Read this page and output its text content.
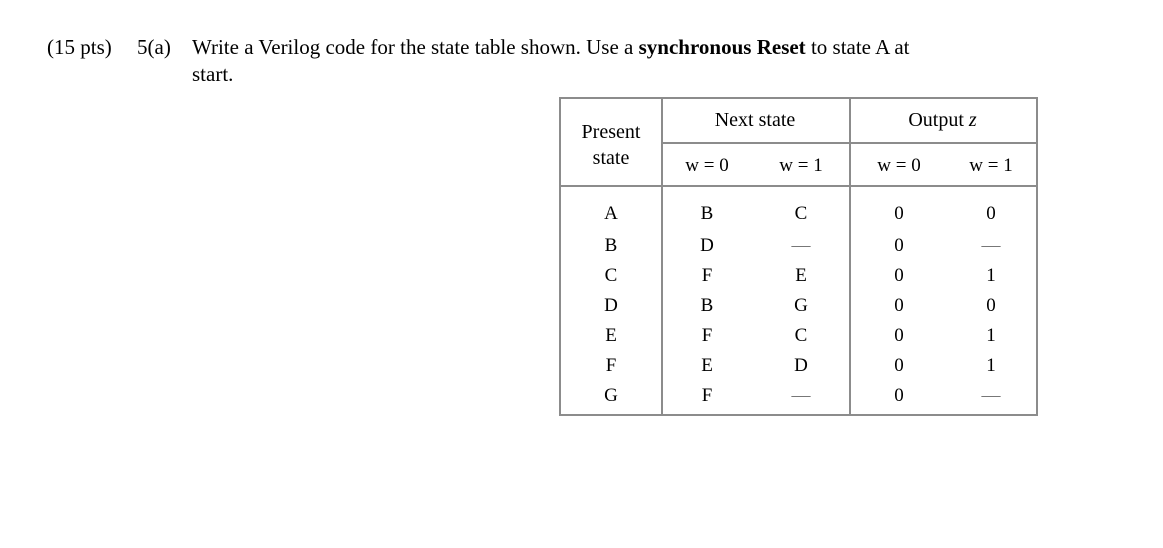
(15 pts) 5(a) Write a Verilog code for the state table shown. Use a synchronous Reset to state A at
start.
Present
state
Next state	Output z
w = 0	w = 1	w = 0	w = 1
A	B	C	0	0
B	D	—	0	—
C	F	E	0	1
D	B	G	0	0
E	F	C	0	1
F	E	D	0	1
G	F	—	0	—
